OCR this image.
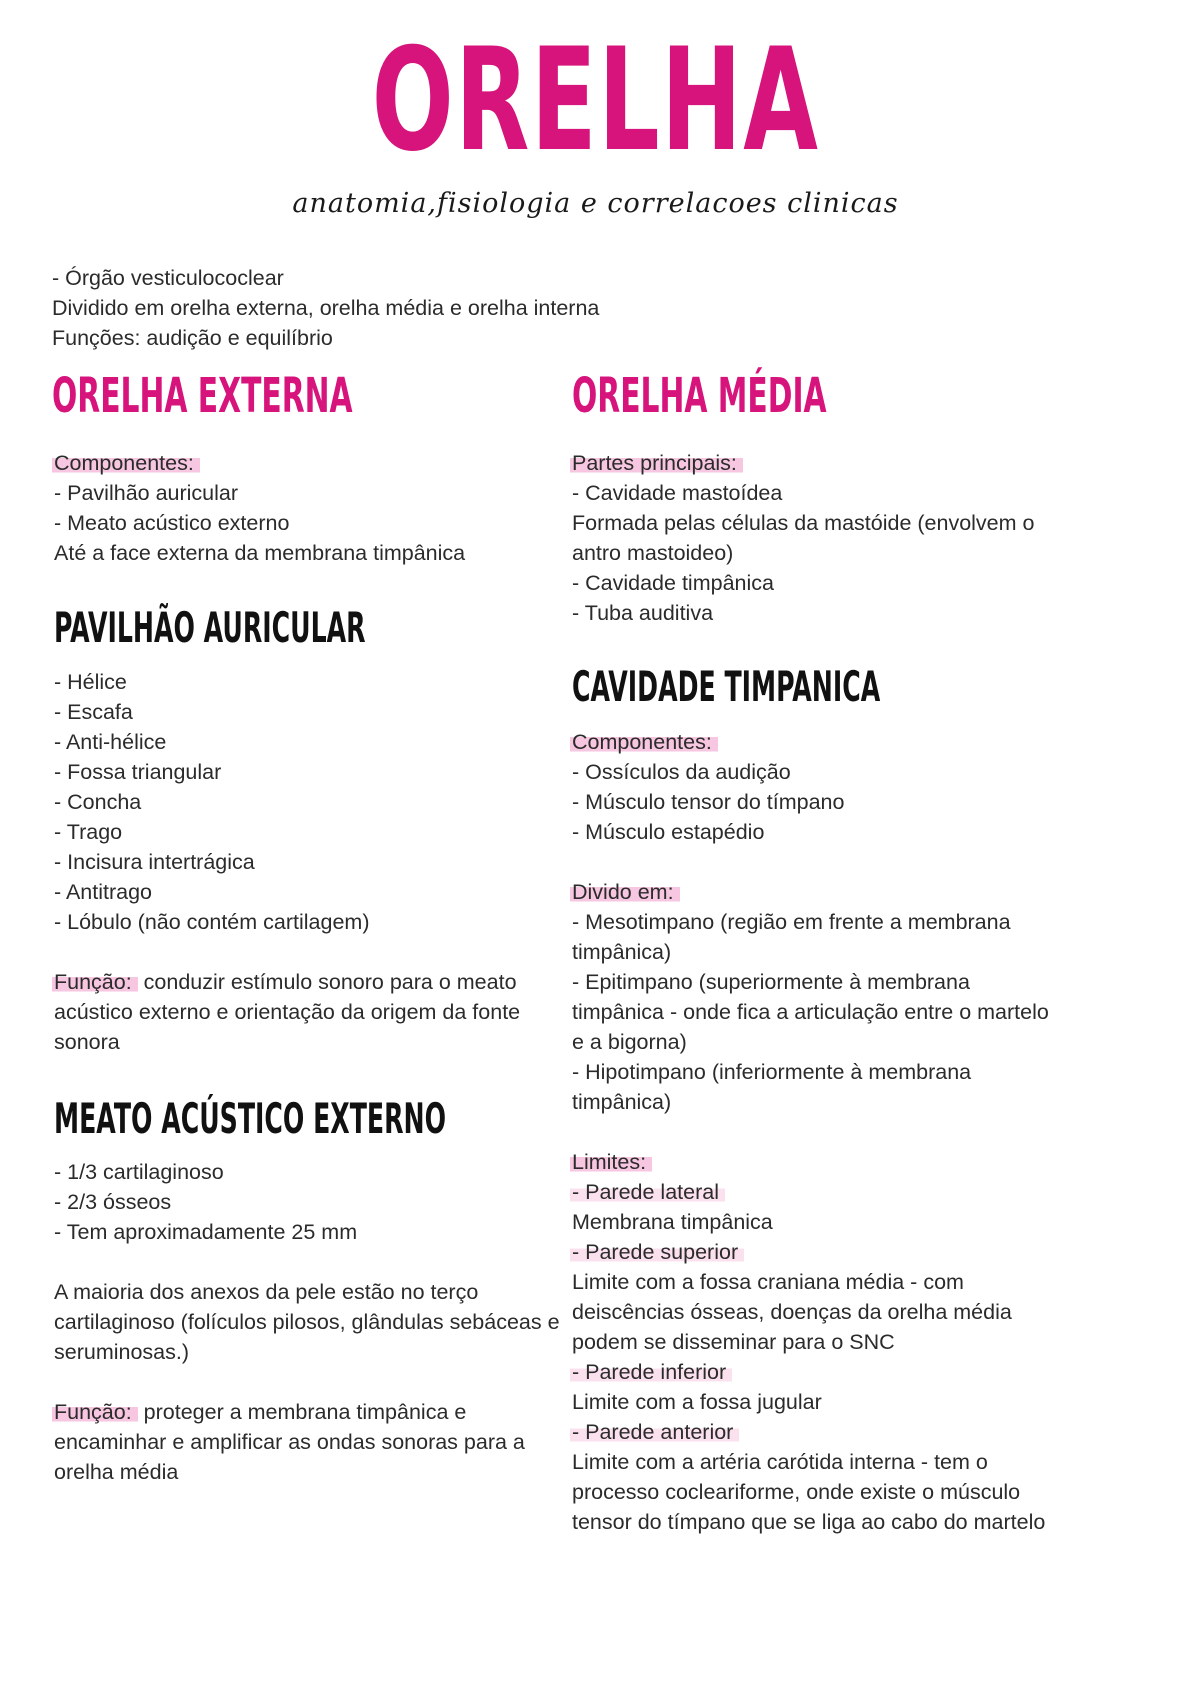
ORELHA
anatomia,fisiologia e correlacoes clinicas
- Órgão vesticulococlear
Dividido em orelha externa, orelha média e orelha interna
Funções: audição e equilíbrio
ORELHA EXTERNA
Componentes:
- Pavilhão auricular
- Meato acústico externo
Até a face externa da membrana timpânica
PAVILHÃO AURICULAR
- Hélice
- Escafa
- Anti-hélice
- Fossa triangular
- Concha
- Trago
- Incisura intertrágica
- Antitrago
- Lóbulo (não contém cartilagem)
Função: conduzir estímulo sonoro para o meato
acústico externo e orientação da origem da fonte
sonora
MEATO ACÚSTICO EXTERNO
- 1/3 cartilaginoso
- 2/3 ósseos
- Tem aproximadamente 25 mm
A maioria dos anexos da pele estão no terço
cartilaginoso (folículos pilosos, glândulas sebáceas e
seruminosas.)
Função: proteger a membrana timpânica e
encaminhar e amplificar as ondas sonoras para a
orelha média
ORELHA MÉDIA
Partes principais:
- Cavidade mastoídea
Formada pelas células da mastóide (envolvem o
antro mastoideo)
- Cavidade timpânica
- Tuba auditiva
CAVIDADE TIMPANICA
Componentes:
- Ossículos da audição
- Músculo tensor do tímpano
- Músculo estapédio
Divido em:
- Mesotimpano (região em frente a membrana
timpânica)
- Epitimpano (superiormente à membrana
timpânica - onde fica a articulação entre o martelo
e a bigorna)
- Hipotimpano (inferiormente à membrana
timpânica)
Limites:
- Parede lateral
Membrana timpânica
- Parede superior
Limite com a fossa craniana média - com
deiscências ósseas, doenças da orelha média
podem se disseminar para o SNC
- Parede inferior
Limite com a fossa jugular
- Parede anterior
Limite com a artéria carótida interna - tem o
processo cocleariforme, onde existe o músculo
tensor do tímpano que se liga ao cabo do martelo
